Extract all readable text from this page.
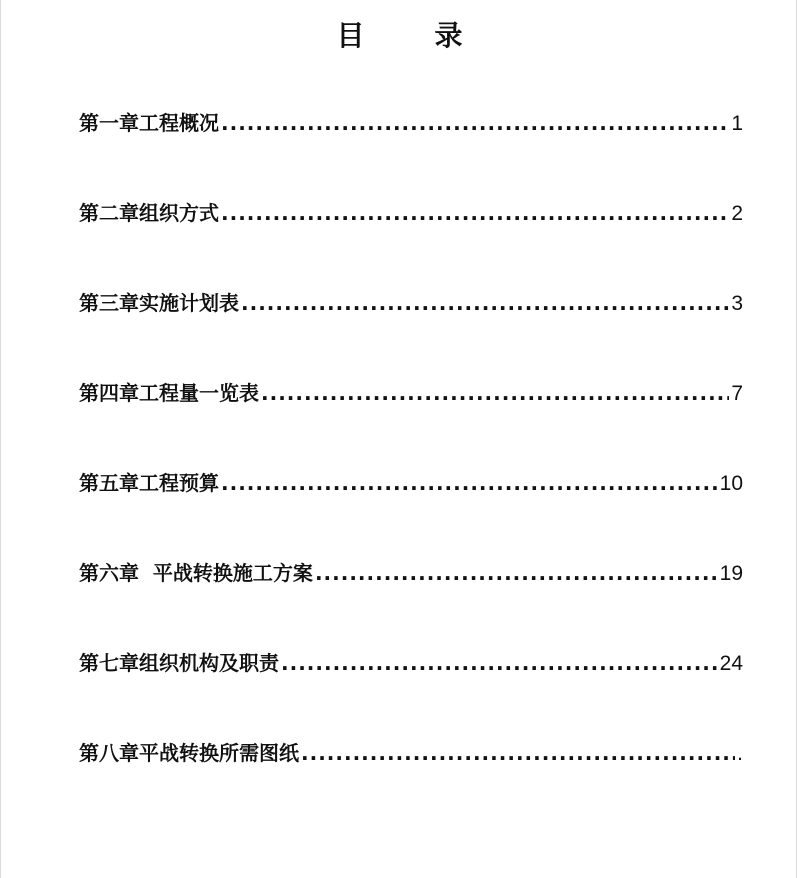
目	录
第一章工程概况 .....	1
第二章组织方式 .....	2
第三章实施计划表 .....	3
第四章工程量一览表 .....	7
第五章工程预算 .....	10
第六章  平战转换施工方案 .....	19
第七章组织机构及职责 .....	24
第八章平战转换所需图纸 .....	.
